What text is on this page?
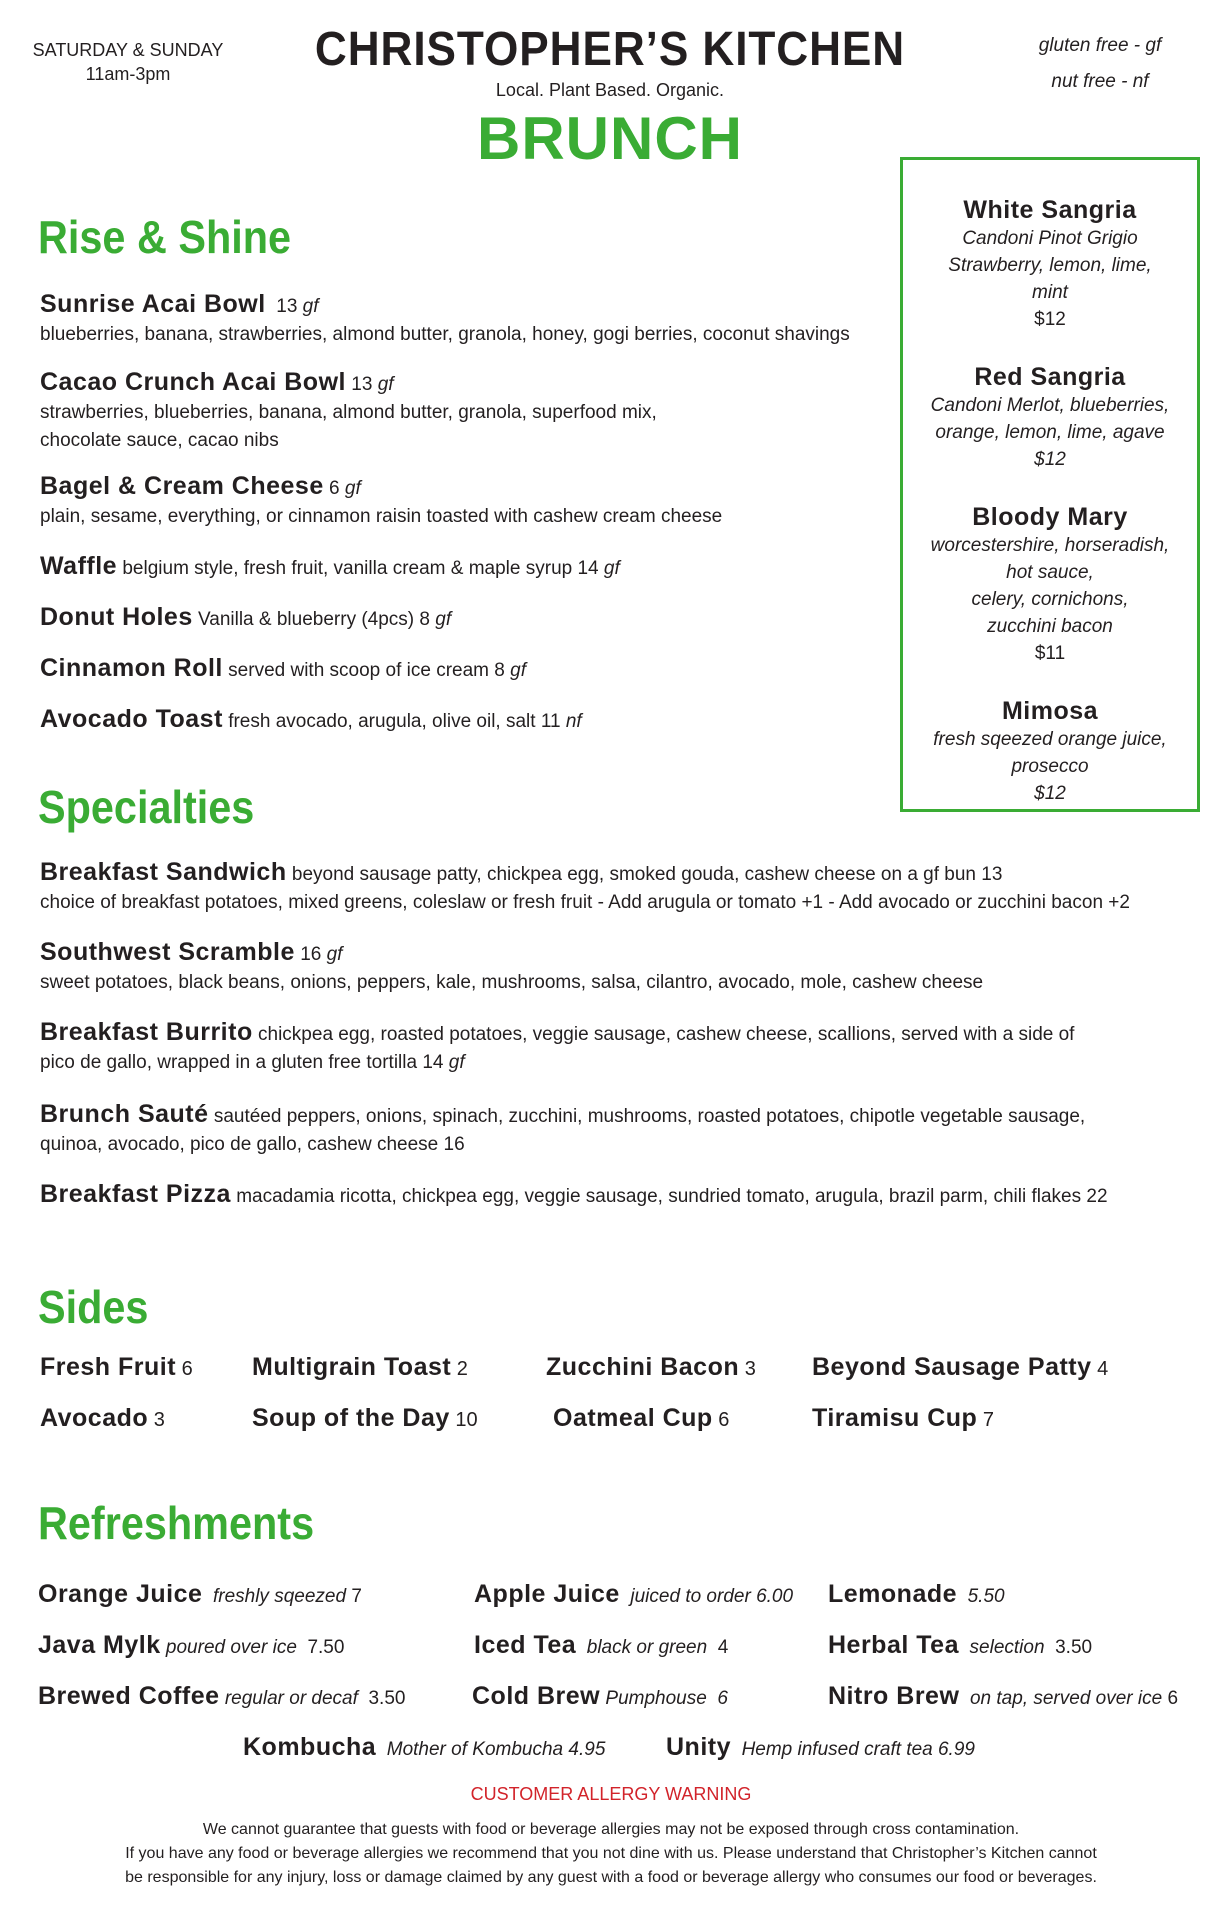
SATURDAY & SUNDAY
11am-3pm	CHRISTOPHER’S KITCHEN
Local. Plant Based. Organic.
BRUNCH
gluten free - gf
nut free - nf
Rise & Shine
Sunrise Acai Bowl 13 gf
blueberries, banana, strawberries, almond butter, granola, honey, gogi berries, coconut shavings
Cacao Crunch Acai Bowl 13 gf
strawberries, blueberries, banana, almond butter, granola, superfood mix,
chocolate sauce, cacao nibs
Bagel & Cream Cheese 6 gf
plain, sesame, everything, or cinnamon raisin toasted with cashew cream cheese
Waffle belgium style, fresh fruit, vanilla cream & maple syrup 14 gf
Donut Holes Vanilla & blueberry (4pcs) 8 gf
Cinnamon Roll served with scoop of ice cream 8 gf
Avocado Toast fresh avocado, arugula, olive oil, salt 11 nf
White Sangria
Candoni Pinot Grigio
Strawberry, lemon, lime,
mint
$12
Red Sangria
Candoni Merlot, blueberries,
orange, lemon, lime, agave
$12
Bloody Mary
worcestershire, horseradish,
hot sauce,
celery, cornichons,
zucchini bacon
$11
Mimosa
fresh sqeezed orange juice,
prosecco
$12
Specialties
Breakfast Sandwich beyond sausage patty, chickpea egg, smoked gouda, cashew cheese on a gf bun 13
choice of breakfast potatoes, mixed greens, coleslaw or fresh fruit - Add arugula or tomato +1 - Add avocado or zucchini bacon +2
Southwest Scramble 16 gf
sweet potatoes, black beans, onions, peppers, kale, mushrooms, salsa, cilantro, avocado, mole, cashew cheese
Breakfast Burrito chickpea egg, roasted potatoes, veggie sausage, cashew cheese, scallions, served with a side of
pico de gallo, wrapped in a gluten free tortilla 14 gf
Brunch Sauté sautéed peppers, onions, spinach, zucchini, mushrooms, roasted potatoes, chipotle vegetable sausage,
quinoa, avocado, pico de gallo, cashew cheese 16
Breakfast Pizza macadamia ricotta, chickpea egg, veggie sausage, sundried tomato, arugula, brazil parm, chili flakes 22
Sides
Fresh Fruit 6 Multigrain Toast 2	Zucchini Bacon 3 Beyond Sausage Patty 4
Avocado 3	Soup of the Day 10	Oatmeal Cup 6	Tiramisu Cup 7
Refreshments
Orange Juice freshly sqeezed 7	Apple Juice juiced to order 6.00 Lemonade 5.50
Java Mylk poured over ice 7.50	Iced Tea black or green 4	Herbal Tea selection 3.50
Brewed Coffee regular or decaf 3.50	Cold Brew Pumphouse 6	Nitro Brew on tap, served over ice 6
Kombucha Mother of Kombucha 4.95 Unity Hemp infused craft tea 6.99
CUSTOMER ALLERGY WARNING
We cannot guarantee that guests with food or beverage allergies may not be exposed through cross contamination.
If you have any food or beverage allergies we recommend that you not dine with us. Please understand that Christopher’s Kitchen cannot
be responsible for any injury, loss or damage claimed by any guest with a food or beverage allergy who consumes our food or beverages.
